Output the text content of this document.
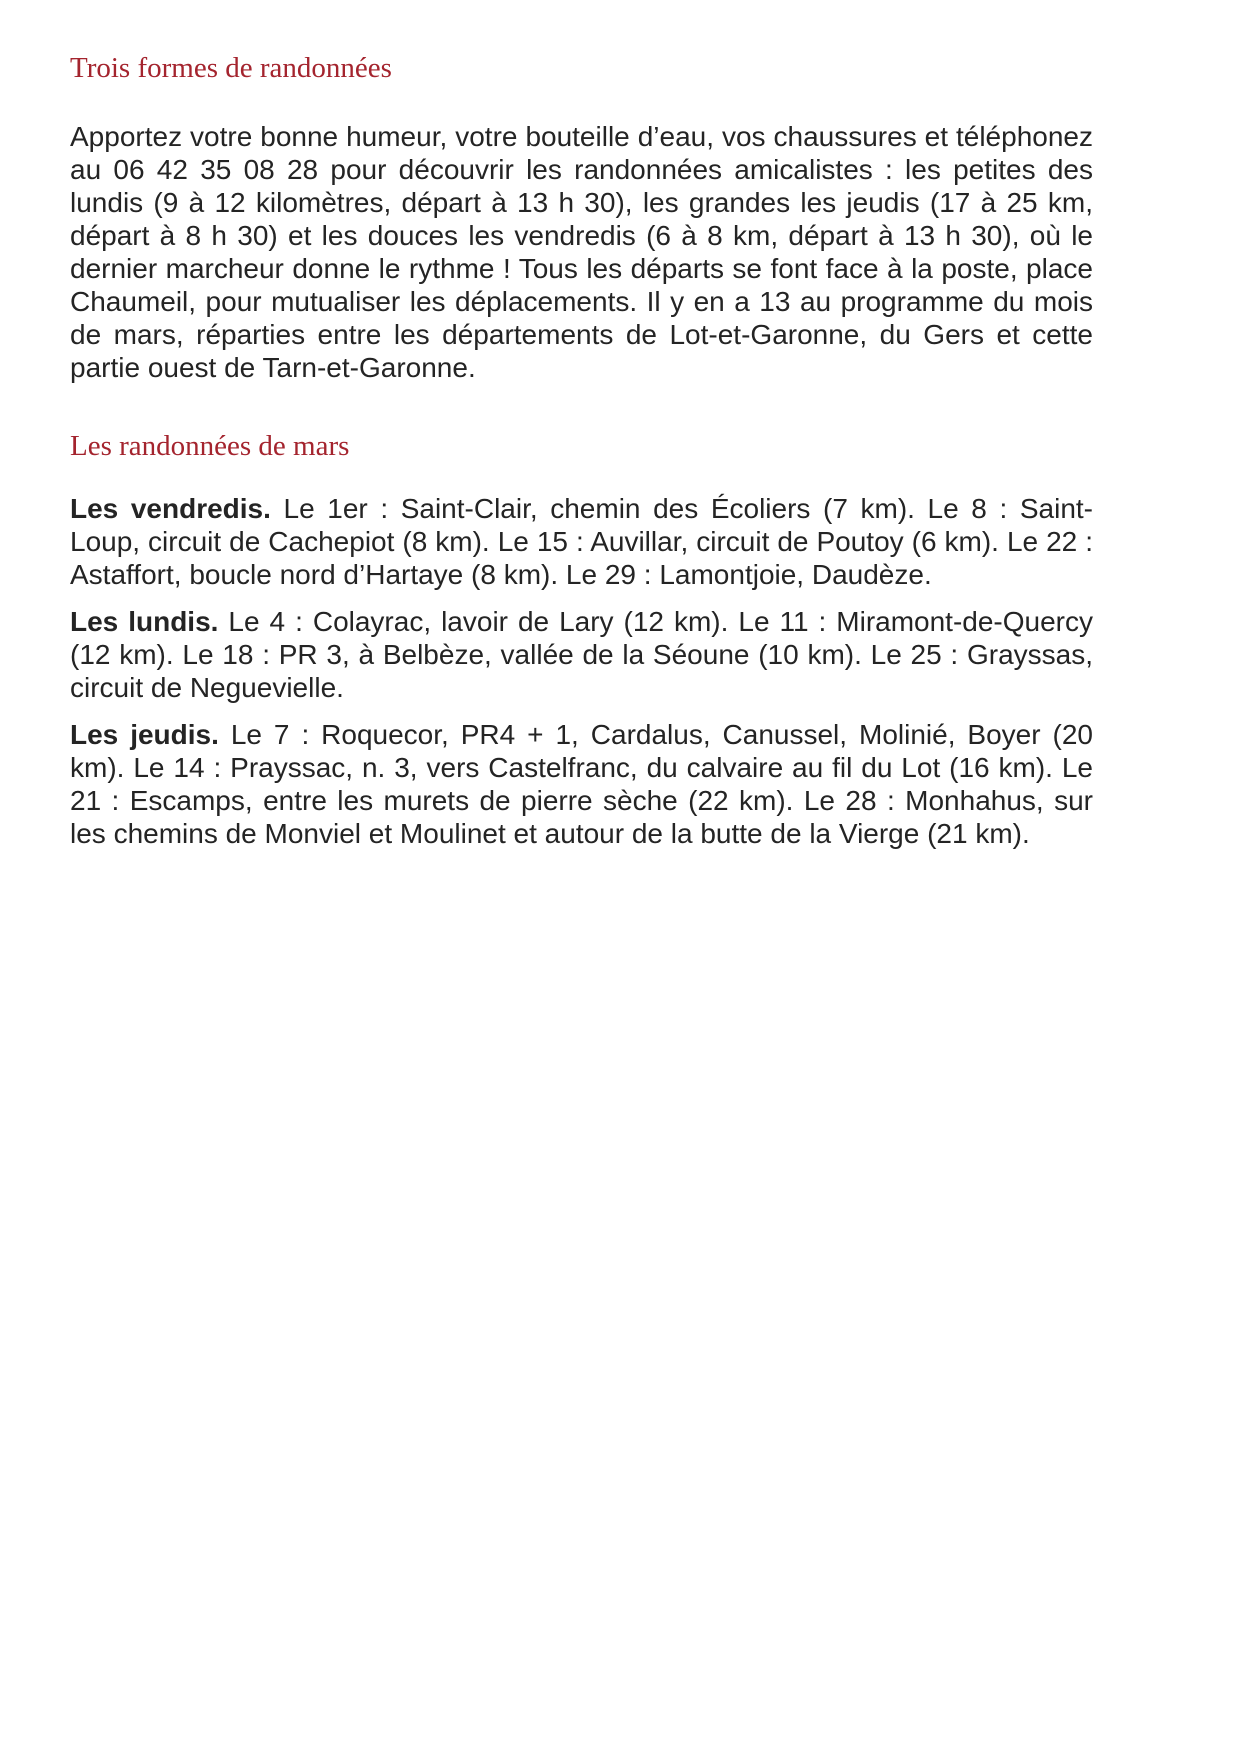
Trois formes de randonnées

Apportez votre bonne humeur, votre bouteille d’eau, vos chaussures et téléphonez au 06 42 35 08 28 pour découvrir les randonnées amicalistes : les petites des lundis (9 à 12 kilomètres, départ à 13 h 30), les grandes les jeudis (17 à 25 km, départ à 8 h 30) et les douces les vendredis (6 à 8 km, départ à 13 h 30), où le dernier marcheur donne le rythme ! Tous les départs se font face à la poste, place Chaumeil, pour mutualiser les déplacements. Il y en a 13 au programme du mois de mars, réparties entre les départements de Lot-et-Garonne, du Gers et cette partie ouest de Tarn-et-Garonne.

Les randonnées de mars

Les vendredis. Le 1er : Saint-Clair, chemin des Écoliers (7 km). Le 8 : Saint-Loup, circuit de Cachepiot (8 km). Le 15 : Auvillar, circuit de Poutoy (6 km). Le 22 : Astaffort, boucle nord d’Hartaye (8 km). Le 29 : Lamontjoie, Daudèze.

Les lundis. Le 4 : Colayrac, lavoir de Lary (12 km). Le 11 : Miramont-de-Quercy (12 km). Le 18 : PR 3, à Belbèze, vallée de la Séoune (10 km). Le 25 : Grayssas, circuit de Neguevielle.

Les jeudis. Le 7 : Roquecor, PR4 + 1, Cardalus, Canussel, Molinié, Boyer (20 km). Le 14 : Prayssac, n. 3, vers Castelfranc, du calvaire au fil du Lot (16 km). Le 21 : Escamps, entre les murets de pierre sèche (22 km). Le 28 : Monhahus, sur les chemins de Monviel et Moulinet et autour de la butte de la Vierge (21 km).
